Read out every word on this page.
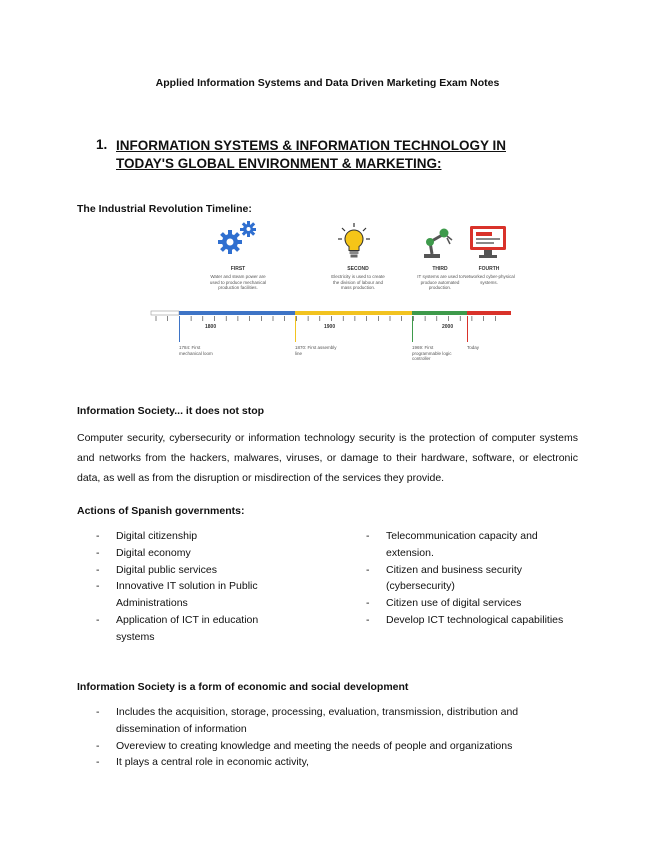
Applied Information Systems and Data Driven Marketing Exam Notes
1. INFORMATION SYSTEMS & INFORMATION TECHNOLOGY IN TODAY'S GLOBAL ENVIRONMENT & MARKETING:
The Industrial Revolution Timeline:
FIRST
Water and steam power are used to produce mechanical production facilities.
SECOND
Electricity is used to create the division of labour and mass production.
THIRD
IT systems are used to produce automated production.
FOURTH
Networked cyber-physical systems.
1800	1900	2000
1784: First mechanical loom
1870: First assembly line
1969: First programmable logic controller
Today
Information Society... it does not stop
Computer security, cybersecurity or information technology security is the protection of computer systems and networks from the hackers, malwares, viruses, or damage to their hardware, software, or electronic data, as well as from the disruption or misdirection of the services they provide.
Actions of Spanish governments:
- Digital citizenship
- Digital economy
- Digital public services
- Innovative IT solution in Public Administrations
- Application of ICT in education systems
- Telecommunication capacity and extension.
- Citizen and business security (cybersecurity)
- Citizen use of digital services
- Develop ICT technological capabilities
Information Society is a form of economic and social development
- Includes the acquisition, storage, processing, evaluation, transmission, distribution and dissemination of information
- Overeview to creating knowledge and meeting the needs of people and organizations
- It plays a central role in economic activity,
